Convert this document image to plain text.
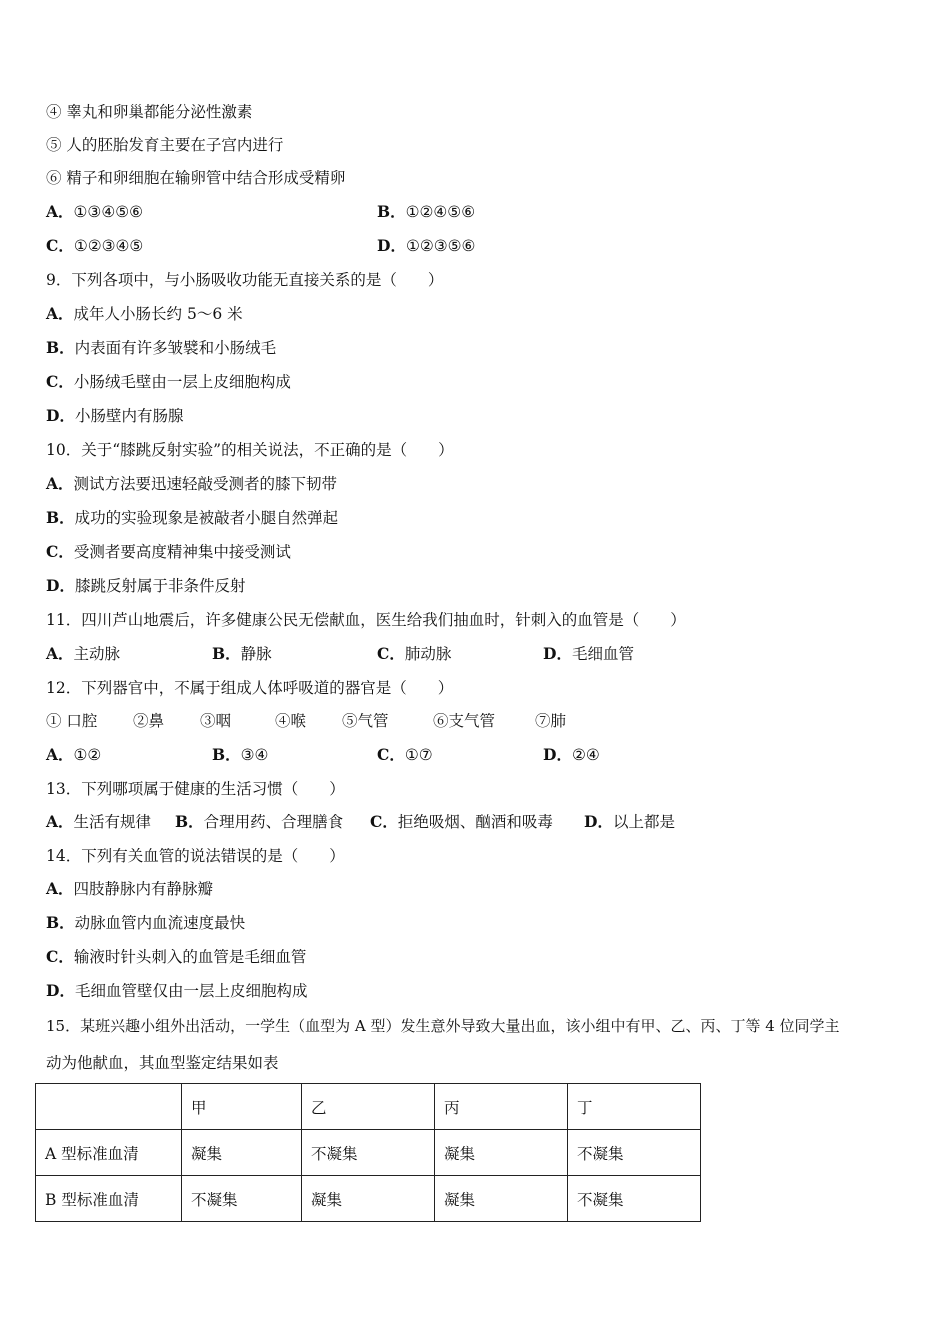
④ 睾丸和卵巢都能分泌性激素
⑤ 人的胚胎发育主要在子宫内进行
⑥ 精子和卵细胞在输卵管中结合形成受精卵
A．①③④⑤⑥	B．①②④⑤⑥
C．①②③④⑤	D．①②③⑤⑥
9．下列各项中，与小肠吸收功能无直接关系的是（　　）
A．成年人小肠长约 5～6 米
B．内表面有许多皱襞和小肠绒毛
C．小肠绒毛壁由一层上皮细胞构成
D．小肠壁内有肠腺
10．关于“膝跳反射实验”的相关说法，不正确的是（　　）
A．测试方法要迅速轻敲受测者的膝下韧带
B．成功的实验现象是被敲者小腿自然弹起
C．受测者要高度精神集中接受测试
D．膝跳反射属于非条件反射
11．四川芦山地震后，许多健康公民无偿献血，医生给我们抽血时，针刺入的血管是（　　）
A．主动脉	B．静脉	C．肺动脉	D．毛细血管
12．下列器官中，不属于组成人体呼吸道的器官是（　　）
① 口腔 ②鼻 ③咽	④喉 ⑤气管	⑥支气管	⑦肺
A．①②	B．③④	C．①⑦	D．②④
13．下列哪项属于健康的生活习惯（　　）
A．生活有规律 B．合理用药、合理膳食 C．拒绝吸烟、酗酒和吸毒 D．以上都是
14．下列有关血管的说法错误的是（　　）
A．四肢静脉内有静脉瓣
B．动脉血管内血流速度最快
C．输液时针头刺入的血管是毛细血管
D．毛细血管壁仅由一层上皮细胞构成
15．某班兴趣小组外出活动，一学生（血型为 A 型）发生意外导致大量出血，该小组中有甲、乙、丙、丁等 4 位同学主
动为他献血，其血型鉴定结果如表
	甲	乙	丙	丁
A 型标准血清	凝集	不凝集	凝集	不凝集
B 型标准血清	不凝集	凝集	凝集	不凝集
